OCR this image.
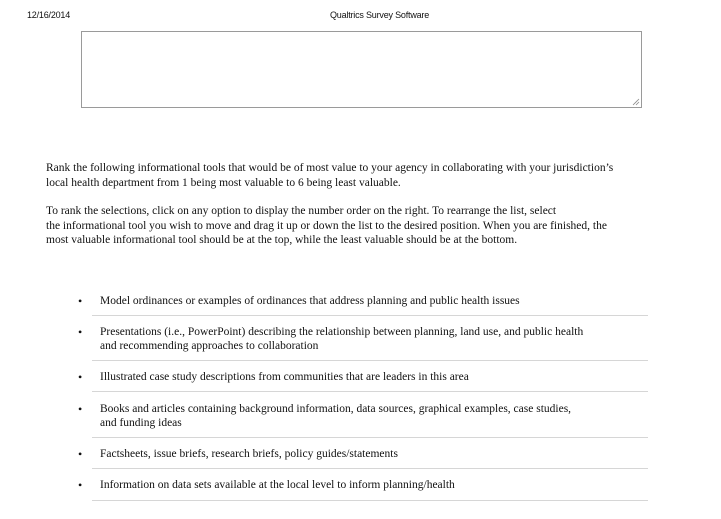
12/16/2014	Qualtrics Survey Software
Rank the following informational tools that would be of most value to your agency in collaborating with your jurisdiction’s
local health department from 1 being most valuable to 6 being least valuable.
To rank the selections, click on any option to display the number order on the right. To rearrange the list, select
the informational tool you wish to move and drag it up or down the list to the desired position. When you are finished, the
most valuable informational tool should be at the top, while the least valuable should be at the bottom.
•	Model ordinances or examples of ordinances that address planning and public health issues
•	Presentations (i.e., PowerPoint) describing the relationship between planning, land use, and public health
and recommending approaches to collaboration
•	Illustrated case study descriptions from communities that are leaders in this area
•	Books and articles containing background information, data sources, graphical examples, case studies,
and funding ideas
•	Factsheets, issue briefs, research briefs, policy guides/statements
•	Information on data sets available at the local level to inform planning/health
